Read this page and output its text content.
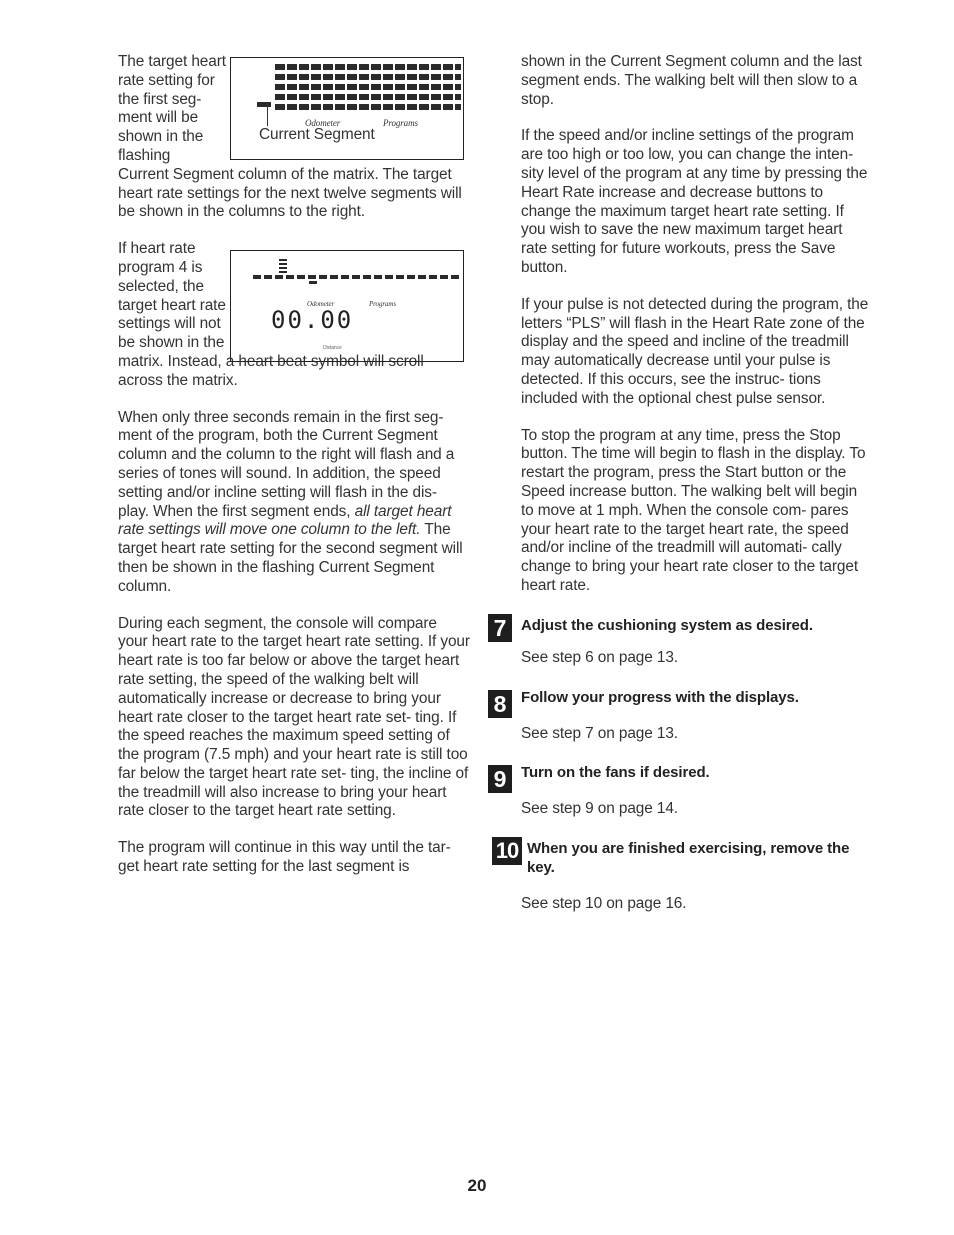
The target heart rate setting for the first seg- ment will be shown in the flashing

Odometer	Programs
Current Segment

Current Segment column of the matrix. The target heart rate settings for the next twelve segments will be shown in the columns to the right.

If heart rate program 4 is selected, the target heart rate settings will not be shown in the

Odometer	Programs
00.00
Distance

matrix. Instead, a heart beat symbol will scroll across the matrix.

When only three seconds remain in the first seg- ment of the program, both the Current Segment column and the column to the right will flash and a series of tones will sound. In addition, the speed setting and/or incline setting will flash in the dis- play. When the first segment ends, all target heart rate settings will move one column to the left. The target heart rate setting for the second segment will then be shown in the flashing Current Segment column.

During each segment, the console will compare your heart rate to the target heart rate setting. If your heart rate is too far below or above the target heart rate setting, the speed of the walking belt will automatically increase or decrease to bring your heart rate closer to the target heart rate set- ting. If the speed reaches the maximum speed setting of the program (7.5 mph) and your heart rate is still too far below the target heart rate set- ting, the incline of the treadmill will also increase to bring your heart rate closer to the target heart rate setting.

The program will continue in this way until the tar- get heart rate setting for the last segment is

shown in the Current Segment column and the last segment ends. The walking belt will then slow to a stop.

If the speed and/or incline settings of the program are too high or too low, you can change the inten- sity level of the program at any time by pressing the Heart Rate increase and decrease buttons to change the maximum target heart rate setting. If you wish to save the new maximum target heart rate setting for future workouts, press the Save button.

If your pulse is not detected during the program, the letters “PLS” will flash in the Heart Rate zone of the display and the speed and incline of the treadmill may automatically decrease until your pulse is detected. If this occurs, see the instruc- tions included with the optional chest pulse sensor.

To stop the program at any time, press the Stop button. The time will begin to flash in the display. To restart the program, press the Start button or the Speed increase button. The walking belt will begin to move at 1 mph. When the console com- pares your heart rate to the target heart rate, the speed and/or incline of the treadmill will automati- cally change to bring your heart rate closer to the target heart rate.

7 Adjust the cushioning system as desired.

See step 6 on page 13.

8 Follow your progress with the displays.

See step 7 on page 13.

9 Turn on the fans if desired.

See step 9 on page 14.

10 When you are finished exercising, remove the key.

See step 10 on page 16.

20
